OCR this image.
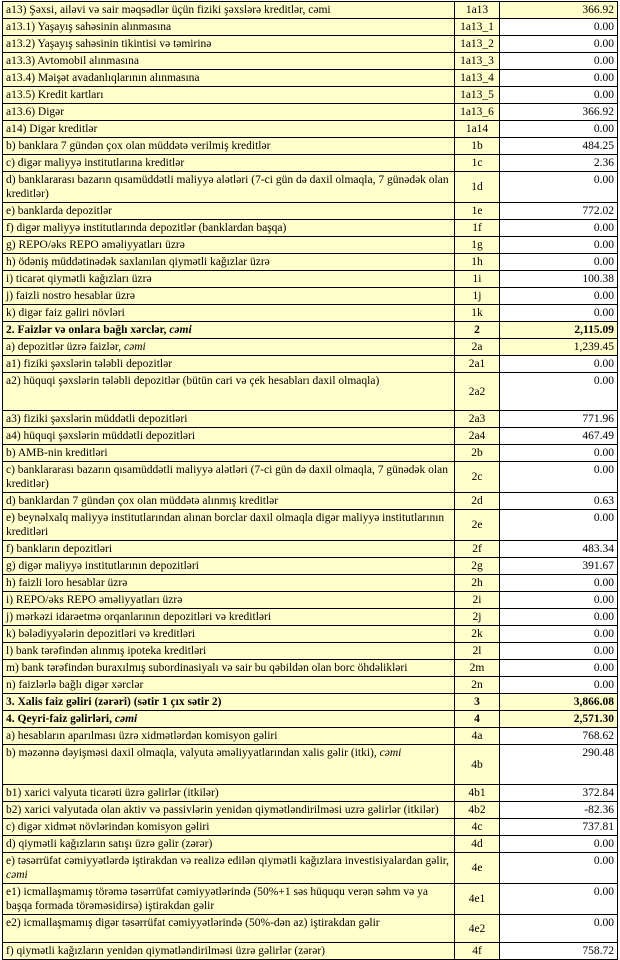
a13) Şəxsi, ailəvi və sair məqsədlər üçün fiziki şəxslərə kreditlər, cəmi	1a13	366.92
a13.1) Yaşayış sahəsinin alınmasına	1a13_1	0.00
a13.2) Yaşayış sahəsinin tikintisi və təmirinə	1a13_2	0.00
a13.3) Avtomobil alınmasına	1a13_3	0.00
a13.4) Məişət avadanlıqlarının alınmasına	1a13_4	0.00
a13.5) Kredit kartları	1a13_5	0.00
a13.6) Digər	1a13_6	366.92
a14) Digər kreditlər	1a14	0.00
b) banklara 7 gündən çox olan müddətə verilmiş kreditlər	1b	484.25
c) digər maliyyə institutlarına kreditlər	1c	2.36
d) banklararası bazarın qısamüddətli maliyyə alətləri (7-ci gün də daxil olmaqla, 7 günədək olan kreditlər)	1d	0.00
e) banklarda depozitlər	1e	772.02
f) digər maliyyə institutlarında depozitlər (banklardan başqa)	1f	0.00
g) REPO/əks REPO əməliyyatları üzrə	1g	0.00
h) ödəniş müddətinədək saxlanılan qiymətli kağızlar üzrə	1h	0.00
i) ticarət qiymətli kağızları üzrə	1i	100.38
j) faizli nostro hesablar üzrə	1j	0.00
k) digər faiz gəliri növləri	1k	0.00
2. Faizlər və onlara bağlı xərclər, cəmi	2	2,115.09
a) depozitlər üzrə faizlər, cəmi	2a	1,239.45
a1) fiziki şəxslərin tələbli depozitlər	2a1	0.00
a2) hüquqi şəxslərin tələbli depozitlər (bütün cari və çek hesabları daxil olmaqla)	2a2	0.00
a3) fiziki şəxslərin müddətli depozitləri	2a3	771.96
a4) hüquqi şəxslərin müddətli depozitləri	2a4	467.49
b) AMB-nin kreditləri	2b	0.00
c) banklararası bazarın qısamüddətli maliyyə alətləri (7-ci gün də daxil olmaqla, 7 günədək olan kreditlər)	2c	0.00
d) banklardan 7 gündən çox olan müddətə alınmış kreditlər	2d	0.63
e) beynəlxalq maliyyə institutlarından alınan borclar daxil olmaqla digər maliyyə institutlarının kreditləri	2e	0.00
f) bankların depozitləri	2f	483.34
g) digər maliyyə institutlarının depozitləri	2g	391.67
h) faizli loro hesablar üzrə	2h	0.00
i) REPO/əks REPO əməliyyatları üzrə	2i	0.00
j) mərkəzi idarəetmə orqanlarının depozitləri və kreditləri	2j	0.00
k) bələdiyyələrin depozitləri və kreditləri	2k	0.00
l) bank tərəfindən alınmış ipoteka kreditləri	2l	0.00
m) bank tərəfindən buraxılmış subordinasiyalı və sair bu qəbildən olan borc öhdəlikləri	2m	0.00
n) faizlərlə bağlı digər xərclər	2n	0.00
3. Xalis faiz gəliri (zərəri) (sətir 1 çıx sətir 2)	3	3,866.08
4. Qeyri-faiz gəlirləri, cəmi	4	2,571.30
a) hesabların aparılması üzrə xidmətlərdən komisyon gəliri	4a	768.62
b) məzənnə dəyişməsi daxil olmaqla, valyuta əməliyyatlarından xalis gəlir (itki), cəmi	4b	290.48
b1) xarici valyuta ticarəti üzrə gəlirlər (itkilər)	4b1	372.84
b2) xarici valyutada olan aktiv və passivlərin yenidən qiymətləndirilməsi uzrə gəlirlər (itkilər)	4b2	-82.36
c) digər xidmət növlərindən komisyon gəliri	4c	737.81
d) qiymətli kağızların satışı üzrə gəlir (zərər)	4d	0.00
e) təsərrüfat cəmiyyətlərdə iştirakdan və realizə edilən qiymətli kağızlara investisiyalardan gəlir, cəmi	4e	0.00
e1) icmallaşmamış törəmə təsərrüfat cəmiyyətlərində (50%+1 səs hüququ verən səhm və ya başqa formada törəməsidirsə) iştirakdan gəlir	4e1	0.00
e2) icmallaşmamış digər təsərrüfat cəmiyyətlərində (50%-dən az) iştirakdan gəlir	4e2	0.00
f) qiymətli kağızların yenidən qiymətləndirilməsi üzrə gəlirlər (zərər)	4f	758.72
